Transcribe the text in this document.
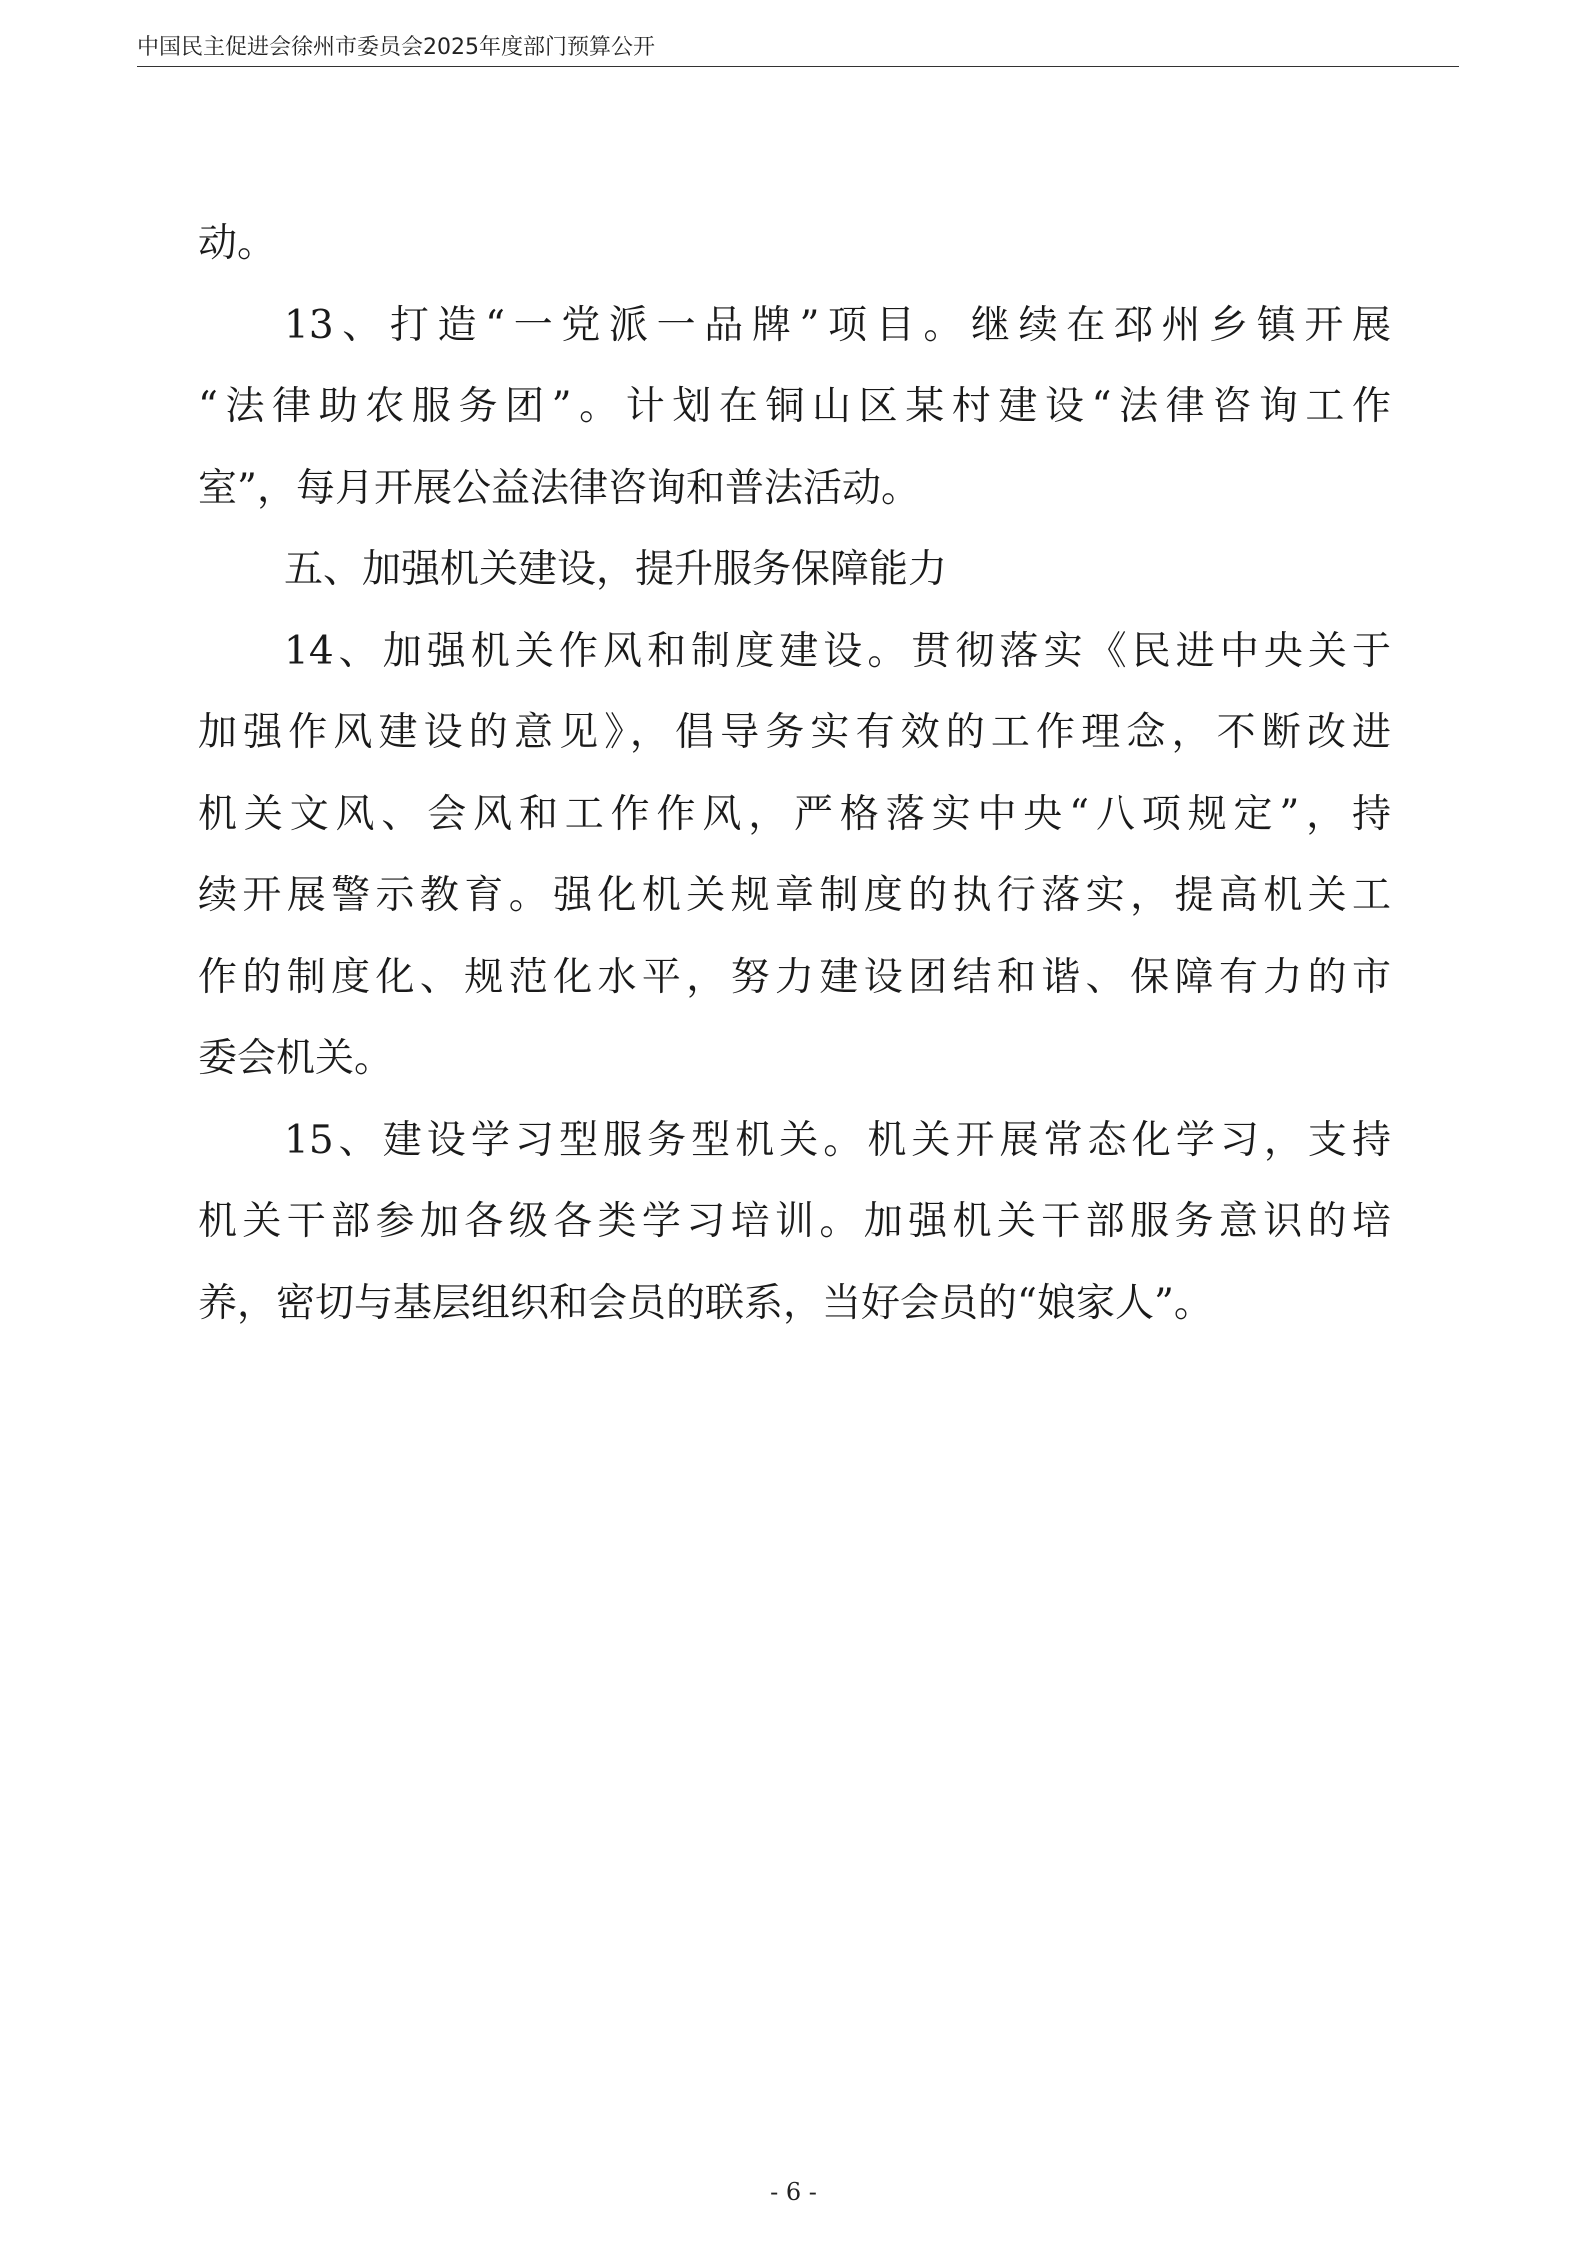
中国民主促进会徐州市委员会2025年度部门预算公开
动。
13、打造“一党派一品牌”项目。继续在邳州乡镇开展
“法律助农服务团”。计划在铜山区某村建设“法律咨询工作
室”，每月开展公益法律咨询和普法活动。
五、加强机关建设，提升服务保障能力
14、加强机关作风和制度建设。贯彻落实《民进中央关于
加强作风建设的意见》，倡导务实有效的工作理念，不断改进
机关文风、会风和工作作风，严格落实中央“八项规定”，持
续开展警示教育。强化机关规章制度的执行落实，提高机关工
作的制度化、规范化水平，努力建设团结和谐、保障有力的市
委会机关。
15、建设学习型服务型机关。机关开展常态化学习，支持
机关干部参加各级各类学习培训。加强机关干部服务意识的培
养，密切与基层组织和会员的联系，当好会员的“娘家人”。
- 6 -
